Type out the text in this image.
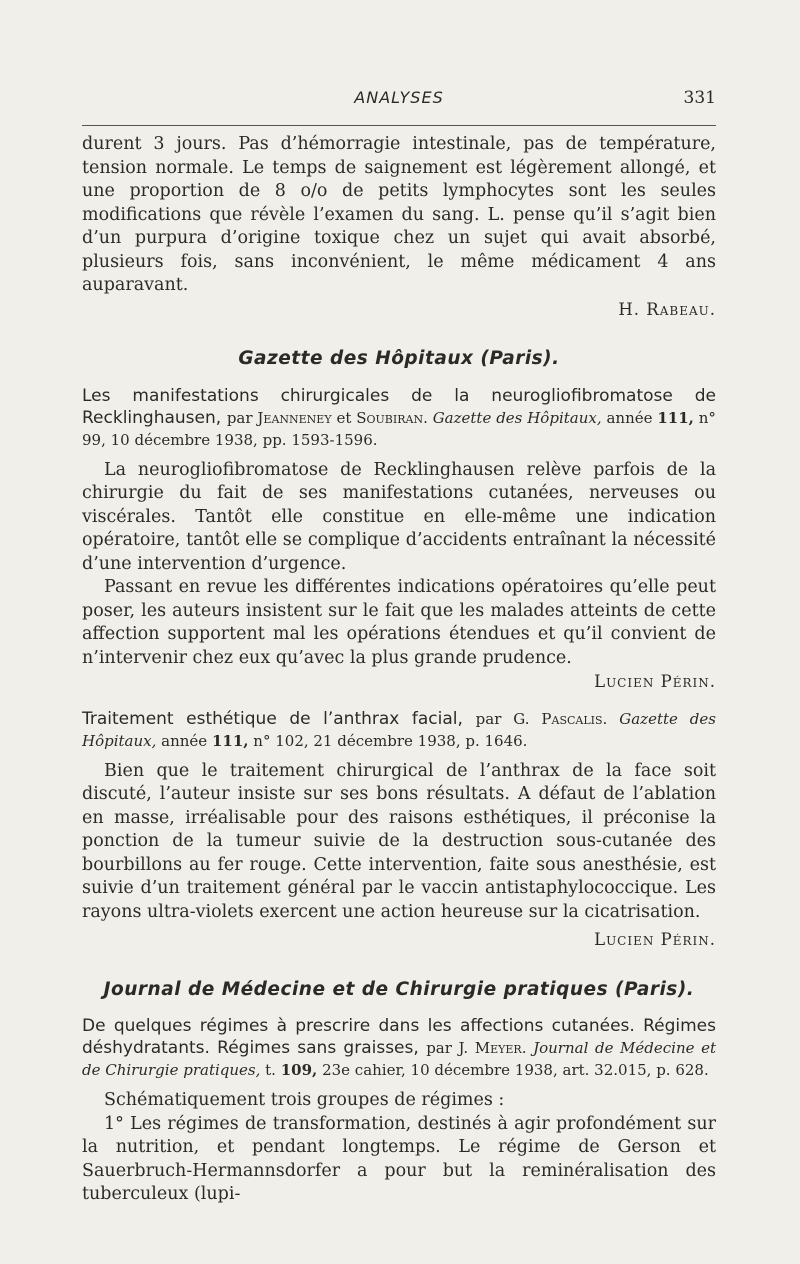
ANALYSES	331

durent 3 jours. Pas d’hémorragie intestinale, pas de température, tension normale. Le temps de saignement est légèrement allongé, et une proportion de 8 o/o de petits lymphocytes sont les seules modifications que révèle l’examen du sang. L. pense qu’il s’agit bien d’un purpura d’origine toxique chez un sujet qui avait absorbé, plusieurs fois, sans inconvénient, le même médicament 4 ans auparavant.

H. Rabeau.

Gazette des Hôpitaux (Paris).

Les manifestations chirurgicales de la neurogliofibromatose de Recklinghausen, par Jeanneney et Soubiran. Gazette des Hôpitaux, année 111, n° 99, 10 décembre 1938, pp. 1593-1596.

La neurogliofibromatose de Recklinghausen relève parfois de la chirurgie du fait de ses manifestations cutanées, nerveuses ou viscérales. Tantôt elle constitue en elle-même une indication opératoire, tantôt elle se complique d’accidents entraînant la nécessité d’une intervention d’urgence.

Passant en revue les différentes indications opératoires qu’elle peut poser, les auteurs insistent sur le fait que les malades atteints de cette affection supportent mal les opérations étendues et qu’il convient de n’intervenir chez eux qu’avec la plus grande prudence.

Lucien Périn.

Traitement esthétique de l’anthrax facial, par G. Pascalis. Gazette des Hôpitaux, année 111, n° 102, 21 décembre 1938, p. 1646.

Bien que le traitement chirurgical de l’anthrax de la face soit discuté, l’auteur insiste sur ses bons résultats. A défaut de l’ablation en masse, irréalisable pour des raisons esthétiques, il préconise la ponction de la tumeur suivie de la destruction sous-cutanée des bourbillons au fer rouge. Cette intervention, faite sous anesthésie, est suivie d’un traitement général par le vaccin antistaphylococcique. Les rayons ultra-violets exercent une action heureuse sur la cicatrisation.

Lucien Périn.

Journal de Médecine et de Chirurgie pratiques (Paris).

De quelques régimes à prescrire dans les affections cutanées. Régimes déshydratants. Régimes sans graisses, par J. Meyer. Journal de Médecine et de Chirurgie pratiques, t. 109, 23e cahier, 10 décembre 1938, art. 32.015, p. 628.

Schématiquement trois groupes de régimes :

1° Les régimes de transformation, destinés à agir profondément sur la nutrition, et pendant longtemps. Le régime de Gerson et Sauerbruch-Hermannsdorfer a pour but la reminéralisation des tuberculeux (lupi-
